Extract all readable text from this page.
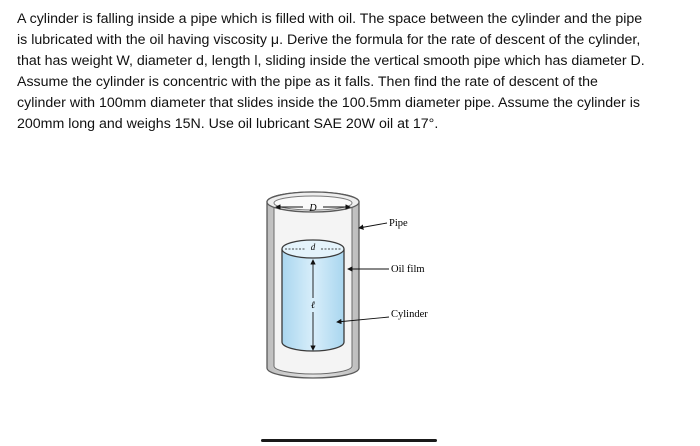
A cylinder is falling inside a pipe which is filled with oil. The space between the cylinder and the pipe
is lubricated with the oil having viscosity μ. Derive the formula for the rate of descent of the cylinder,
that has weight W, diameter d, length l, sliding inside the vertical smooth pipe which has diameter D.
Assume the cylinder is concentric with the pipe as it falls. Then find the rate of descent of the
cylinder with 100mm diameter that slides inside the 100.5mm diameter pipe. Assume the cylinder is
200mm long and weighs 15N. Use oil lubricant SAE 20W oil at 17°.
D
d
ℓ
Pipe
Oil film
Cylinder
